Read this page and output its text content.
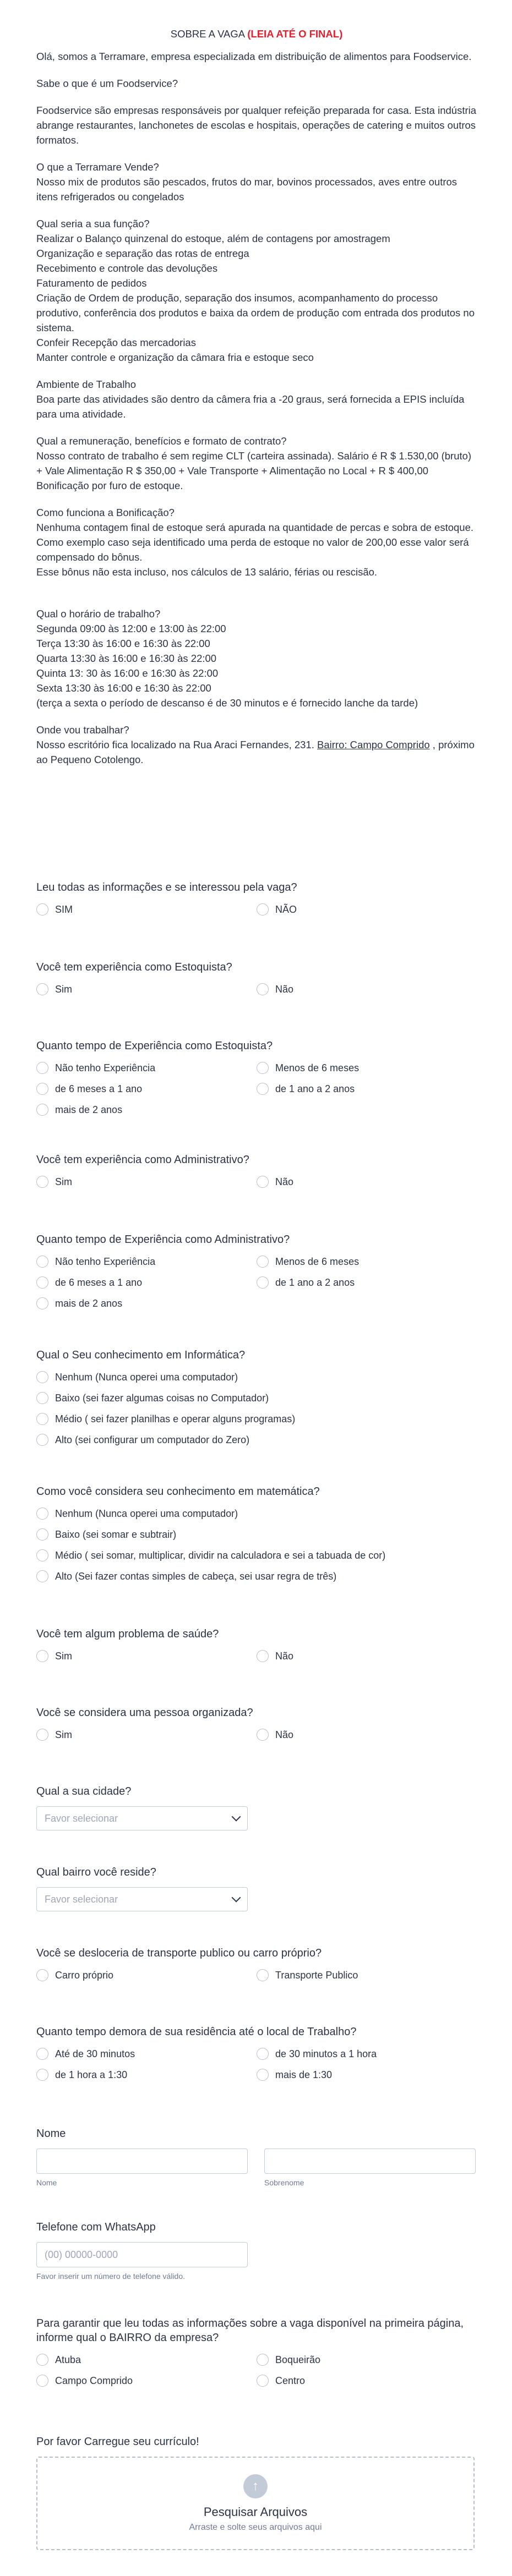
SOBRE A VAGA (LEIA ATÉ O FINAL)

Olá, somos a Terramare, empresa especializada em distribuição de alimentos para Foodservice.

Sabe o que é um Foodservice?

Foodservice são empresas responsáveis por qualquer refeição preparada for casa. Esta indústria abrange restaurantes, lanchonetes de escolas e hospitais, operações de catering e muitos outros formatos.

O que a Terramare Vende?
Nosso mix de produtos são pescados, frutos do mar, bovinos processados, aves entre outros itens refrigerados ou congelados

Qual seria a sua função?
Realizar o Balanço quinzenal do estoque, além de contagens por amostragem
Organização e separação das rotas de entrega
Recebimento e controle das devoluções
Faturamento de pedidos
Criação de Ordem de produção, separação dos insumos, acompanhamento do processo produtivo, conferência dos produtos e baixa da ordem de produção com entrada dos produtos no sistema.
Confeir Recepção das mercadorias
Manter controle e organização da câmara fria e estoque seco

Ambiente de Trabalho
Boa parte das atividades são dentro da câmera fria a -20 graus, será fornecida a EPIS incluída para uma atividade.

Qual a remuneração, benefícios e formato de contrato?
Nosso contrato de trabalho é sem regime CLT (carteira assinada). Salário é R $ 1.530,00 (bruto) + Vale Alimentação R $ 350,00 + Vale Transporte + Alimentação no Local + R $ 400,00 Bonificação por furo de estoque.

Como funciona a Bonificação?
Nenhuma contagem final de estoque será apurada na quantidade de percas e sobra de estoque. Como exemplo caso seja identificado uma perda de estoque no valor de 200,00 esse valor será compensado do bônus.
Esse bônus não esta incluso, nos cálculos de 13 salário, férias ou rescisão.

Qual o horário de trabalho?
Segunda 09:00 às 12:00 e 13:00 às 22:00
Terça 13:30 às 16:00 e 16:30 às 22:00
Quarta 13:30 às 16:00 e 16:30 às 22:00
Quinta 13: 30 às 16:00 e 16:30 às 22:00
Sexta 13:30 às 16:00 e 16:30 às 22:00
(terça a sexta o período de descanso é de 30 minutos e é fornecido lanche da tarde)

Onde vou trabalhar?
Nosso escritório fica localizado na Rua Araci Fernandes, 231. Bairro: Campo Comprido , próximo ao Pequeno Cotolengo.

Leu todas as informações e se interessou pela vaga?
SIM	NÃO
Você tem experiência como Estoquista?
Sim	Não
Quanto tempo de Experiência como Estoquista?
Não tenho Experiência	Menos de 6 meses
de 6 meses a 1 ano	de 1 ano a 2 anos
mais de 2 anos
Você tem experiência como Administrativo?
Sim	Não
Quanto tempo de Experiência como Administrativo?
Não tenho Experiência	Menos de 6 meses
de 6 meses a 1 ano	de 1 ano a 2 anos
mais de 2 anos
Qual o Seu conhecimento em Informática?
Nenhum (Nunca operei uma computador)
Baixo (sei fazer algumas coisas no Computador)
Médio ( sei fazer planilhas e operar alguns programas)
Alto (sei configurar um computador do Zero)
Como você considera seu conhecimento em matemática?
Nenhum (Nunca operei uma computador)
Baixo (sei somar e subtrair)
Médio ( sei somar, multiplicar, dividir na calculadora e sei a tabuada de cor)
Alto (Sei fazer contas simples de cabeça, sei usar regra de três)
Você tem algum problema de saúde?
Sim	Não
Você se considera uma pessoa organizada?
Sim	Não
Qual a sua cidade?
Favor selecionar
Qual bairro você reside?
Favor selecionar
Você se desloceria de transporte publico ou carro próprio?
Carro próprio	Transporte Publico
Quanto tempo demora de sua residência até o local de Trabalho?
Até de 30 minutos	de 30 minutos a 1 hora
de 1 hora a 1:30	mais de 1:30
Nome
Nome	Sobrenome
Telefone com WhatsApp
(00) 00000-0000
Favor inserir um número de telefone válido.
Para garantir que leu todas as informações sobre a vaga disponível na primeira página, informe qual o BAIRRO da empresa?
Atuba	Boqueirão
Campo Comprido	Centro
Por favor Carregue seu currículo!
↑
Pesquisar Arquivos
Arraste e solte seus arquivos aqui
